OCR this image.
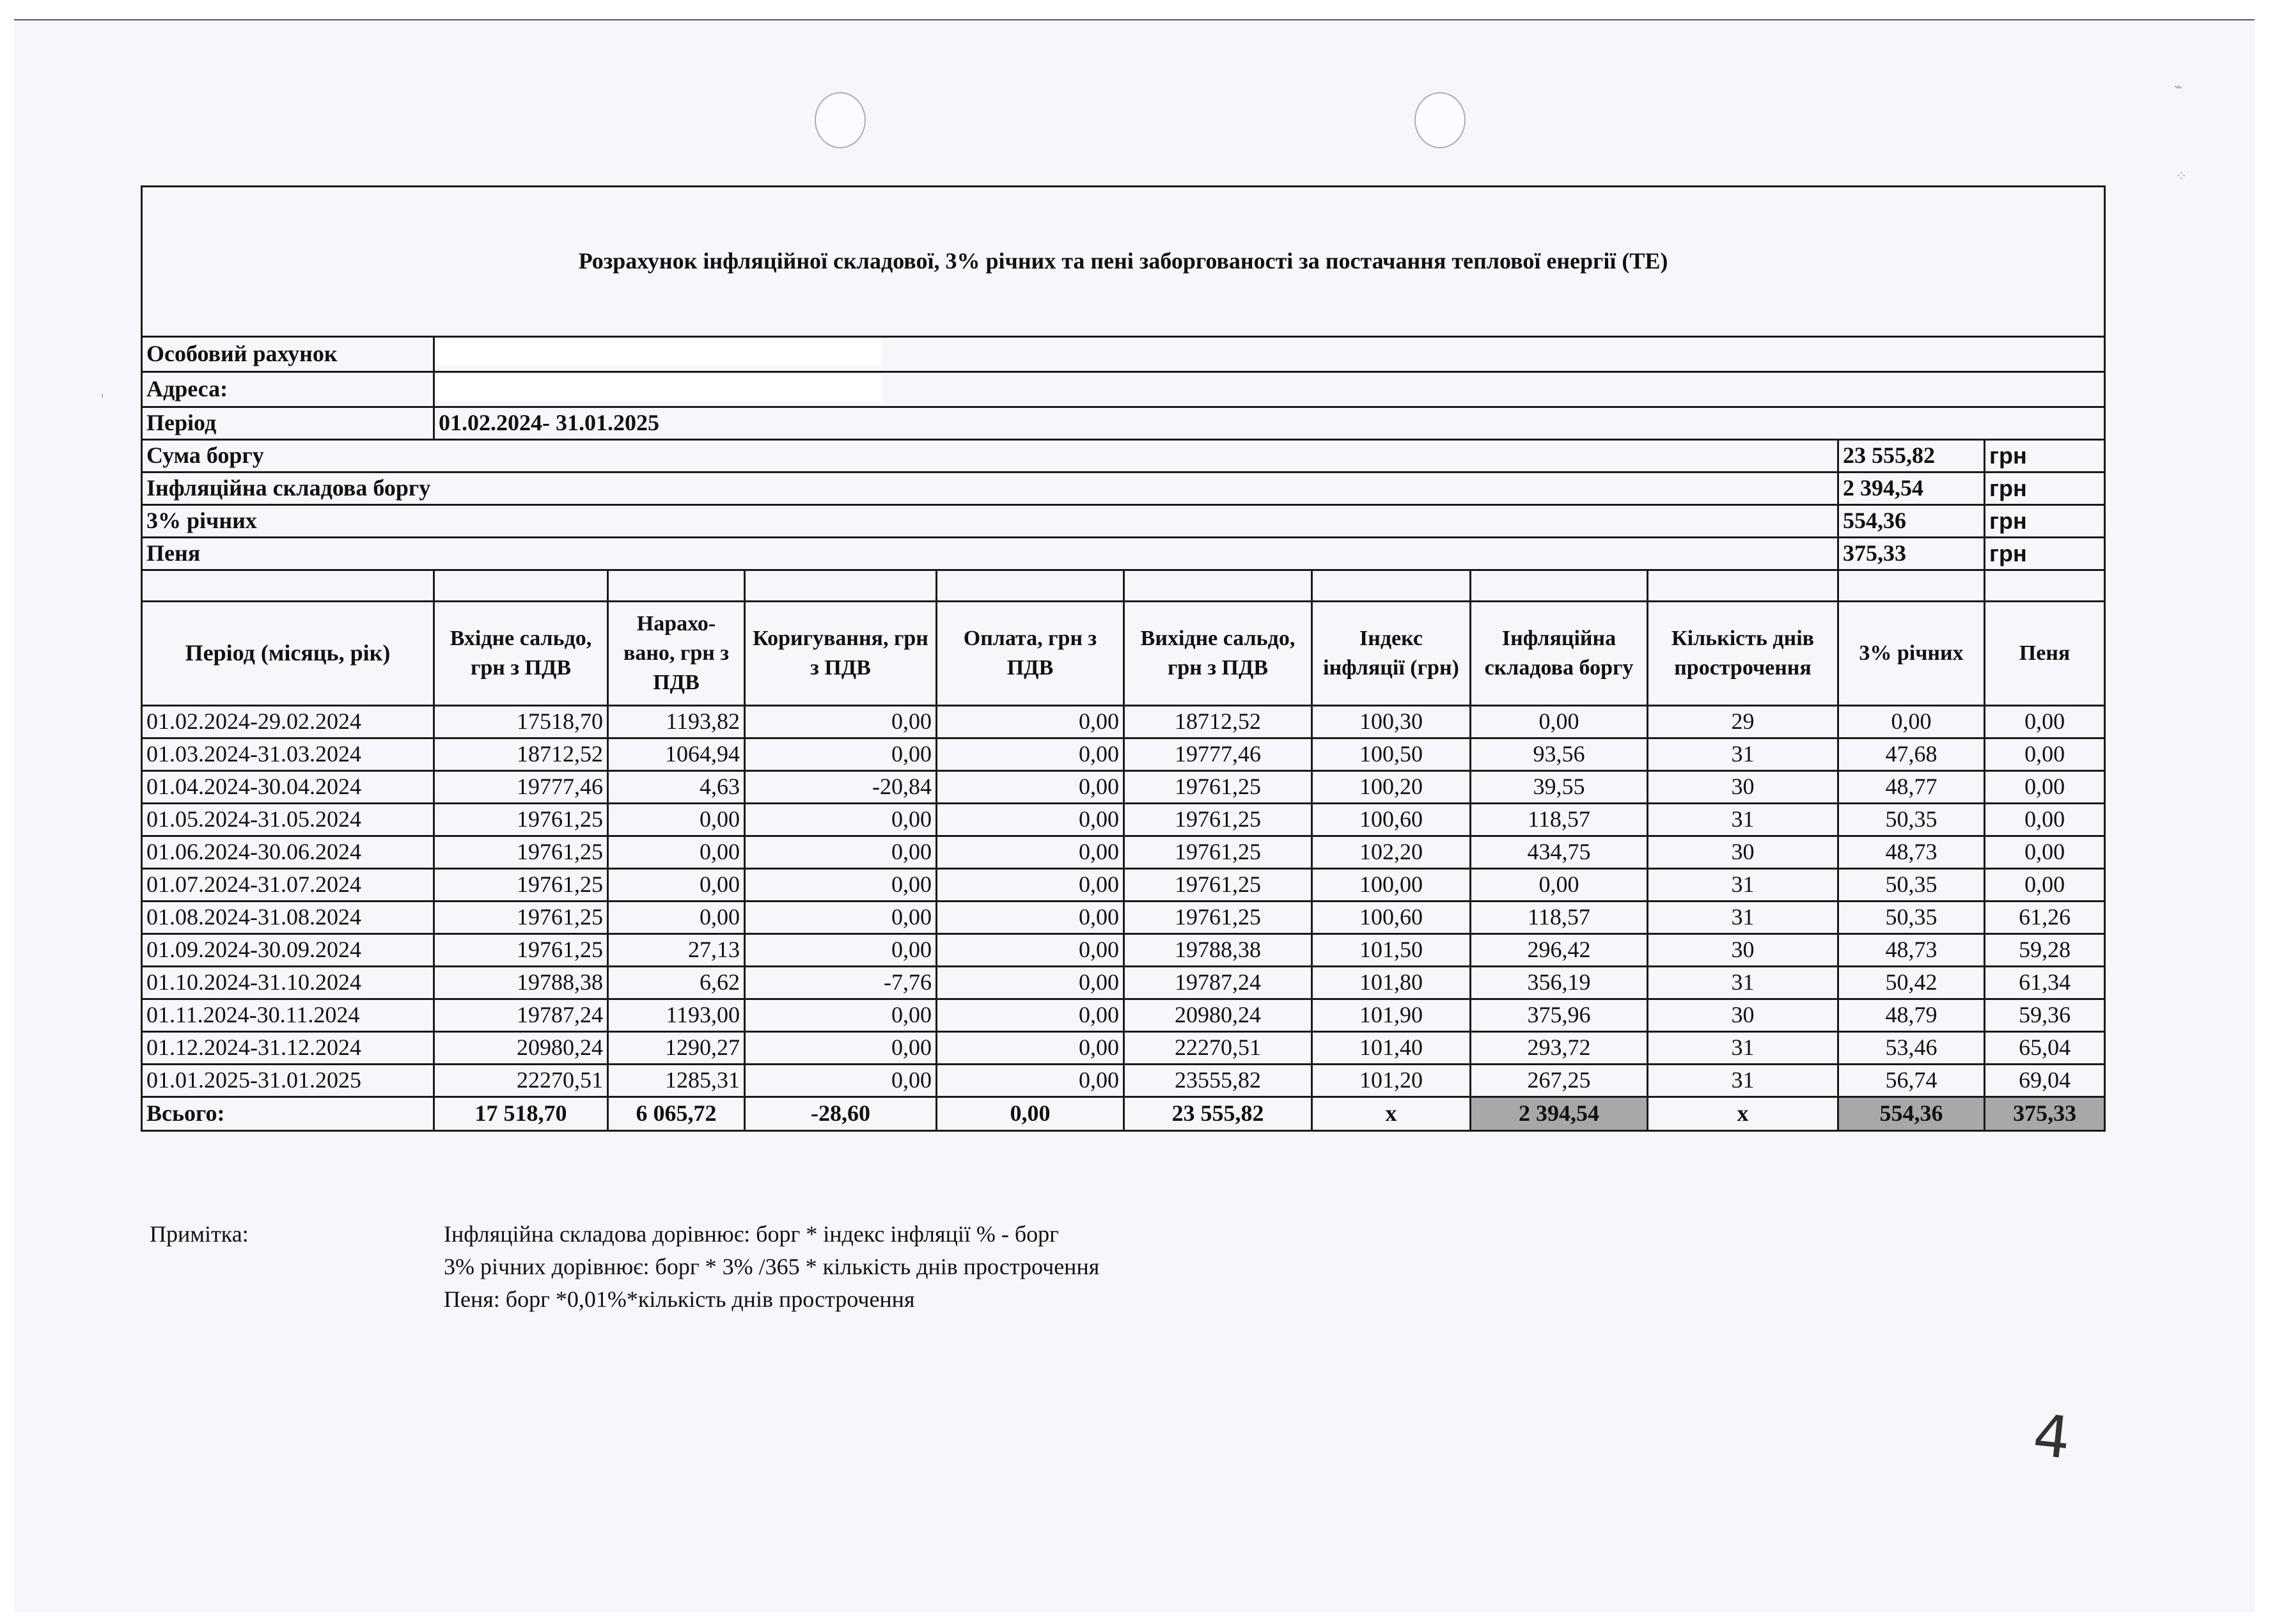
⌁
⁘
ˈ
Розрахунок інфляційної складової, 3% річних та пені заборгованості за постачання теплової енергії (ТЕ)										
Особовий рахунок										
Адреса:										
Період	01.02.2024- 31.01.2025									
Сума боргу									23 555,82	грн
Інфляційна складова боргу									2 394,54	грн
3% річних									554,36	грн
Пеня									375,33	грн

Період (місяць, рік)	Вхідне сальдо, грн з ПДВ	Нарахо- вано, грн з ПДВ	Коригування, грн з ПДВ	Оплата, грн з ПДВ	Вихідне сальдо, грн з ПДВ	Індекс інфляції (грн)	Інфляційна складова боргу	Кількість днів прострочення	3% річних	Пеня
01.02.2024-29.02.2024	17518,70	1193,82	0,00	0,00	18712,52	100,30	0,00	29	0,00	0,00
01.03.2024-31.03.2024	18712,52	1064,94	0,00	0,00	19777,46	100,50	93,56	31	47,68	0,00
01.04.2024-30.04.2024	19777,46	4,63	-20,84	0,00	19761,25	100,20	39,55	30	48,77	0,00
01.05.2024-31.05.2024	19761,25	0,00	0,00	0,00	19761,25	100,60	118,57	31	50,35	0,00
01.06.2024-30.06.2024	19761,25	0,00	0,00	0,00	19761,25	102,20	434,75	30	48,73	0,00
01.07.2024-31.07.2024	19761,25	0,00	0,00	0,00	19761,25	100,00	0,00	31	50,35	0,00
01.08.2024-31.08.2024	19761,25	0,00	0,00	0,00	19761,25	100,60	118,57	31	50,35	61,26
01.09.2024-30.09.2024	19761,25	27,13	0,00	0,00	19788,38	101,50	296,42	30	48,73	59,28
01.10.2024-31.10.2024	19788,38	6,62	-7,76	0,00	19787,24	101,80	356,19	31	50,42	61,34
01.11.2024-30.11.2024	19787,24	1193,00	0,00	0,00	20980,24	101,90	375,96	30	48,79	59,36
01.12.2024-31.12.2024	20980,24	1290,27	0,00	0,00	22270,51	101,40	293,72	31	53,46	65,04
01.01.2025-31.01.2025	22270,51	1285,31	0,00	0,00	23555,82	101,20	267,25	31	56,74	69,04
Всього:	17 518,70	6 065,72	-28,60	0,00	23 555,82	х	2 394,54	х	554,36	375,33
Примітка:	Інфляційна складова дорівнює: борг * індекс інфляції % - борг
3% річних дорівнює: борг * 3% /365 * кількість днів прострочення
Пеня: борг *0,01%*кількість днів прострочення
4
